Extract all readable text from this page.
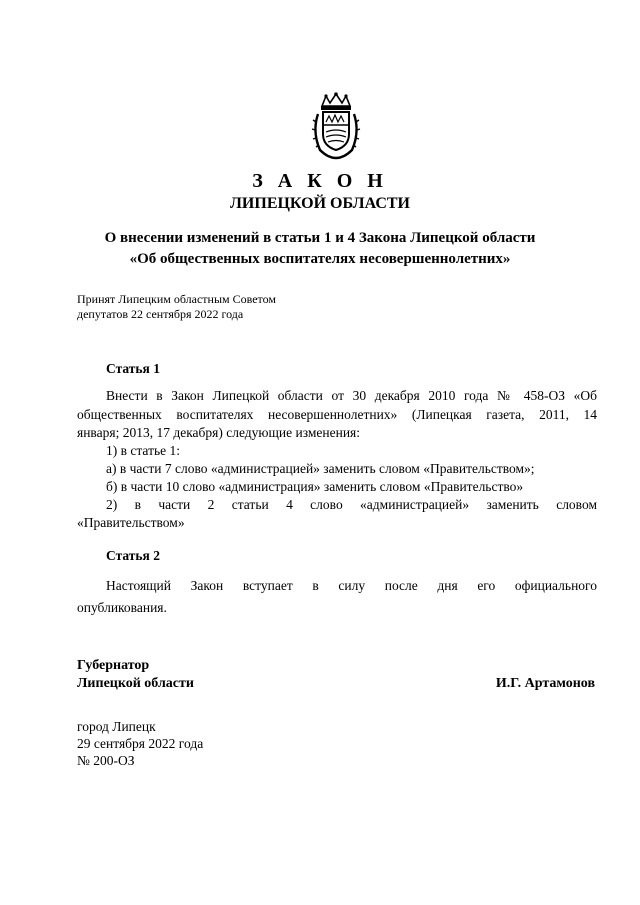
З А К О Н
ЛИПЕЦКОЙ ОБЛАСТИ
О внесении изменений в статьи 1 и 4 Закона Липецкой области
«Об общественных воспитателях несовершеннолетних»
Принят Липецким областным Советом
депутатов 22 сентября 2022 года
Статья 1
Внести в Закон Липецкой области от 30 декабря 2010 года № 458-ОЗ «Об
общественных воспитателях несовершеннолетних» (Липецкая газета, 2011, 14
января; 2013, 17 декабря) следующие изменения:
1) в статье 1:
а) в части 7 слово «администрацией» заменить словом «Правительством»;
б) в части 10 слово «администрация» заменить словом «Правительство»
2) в части 2 статьи 4 слово «администрацией» заменить словом
«Правительством»
Статья 2
Настоящий Закон вступает в силу после дня его официального
опубликования.
Губернатор
Липецкой области	И.Г. Артамонов
город Липецк
29 сентября 2022 года
№ 200-ОЗ
